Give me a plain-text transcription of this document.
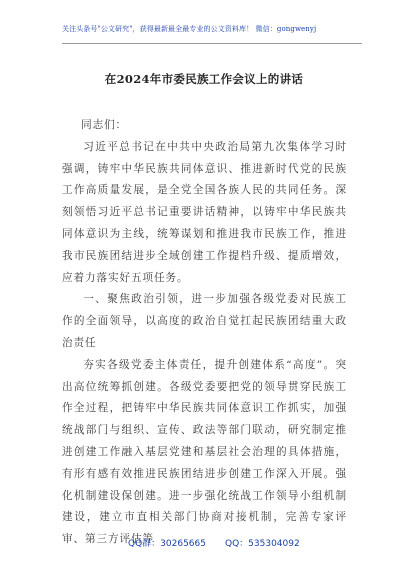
关注头条号"公文研究"，获得最新最全最专业的公文资料库！ 微信：gongwenyj
在2024年市委民族工作会议上的讲话

同志们：

习近平总书记在中共中央政治局第九次集体学习时强调，铸牢中华民族共同体意识、推进新时代党的民族工作高质量发展，是全党全国各族人民的共同任务。深刻领悟习近平总书记重要讲话精神，以铸牢中华民族共同体意识为主线，统筹谋划和推进我市民族工作，推进我市民族团结进步全域创建工作提档升级、提质增效，应着力落实好五项任务。

一、聚焦政治引领，进一步加强各级党委对民族工作的全面领导，以高度的政治自觉扛起民族团结重大政治责任

夯实各级党委主体责任，提升创建体系“高度”。突出高位统筹抓创建。各级党委要把党的领导贯穿民族工作全过程，把铸牢中华民族共同体意识工作抓实，加强统战部门与组织、宣传、政法等部门联动，研究制定推进创建工作融入基层党建和基层社会治理的具体措施，有形有感有效推进民族团结进步创建工作深入开展。强化机制建设保创建。进一步强化统战工作领导小组机制建设，建立市直相关部门协商对接机制，完善专家评审、第三方评估等

QQ群：30265665 QQ：535304092
